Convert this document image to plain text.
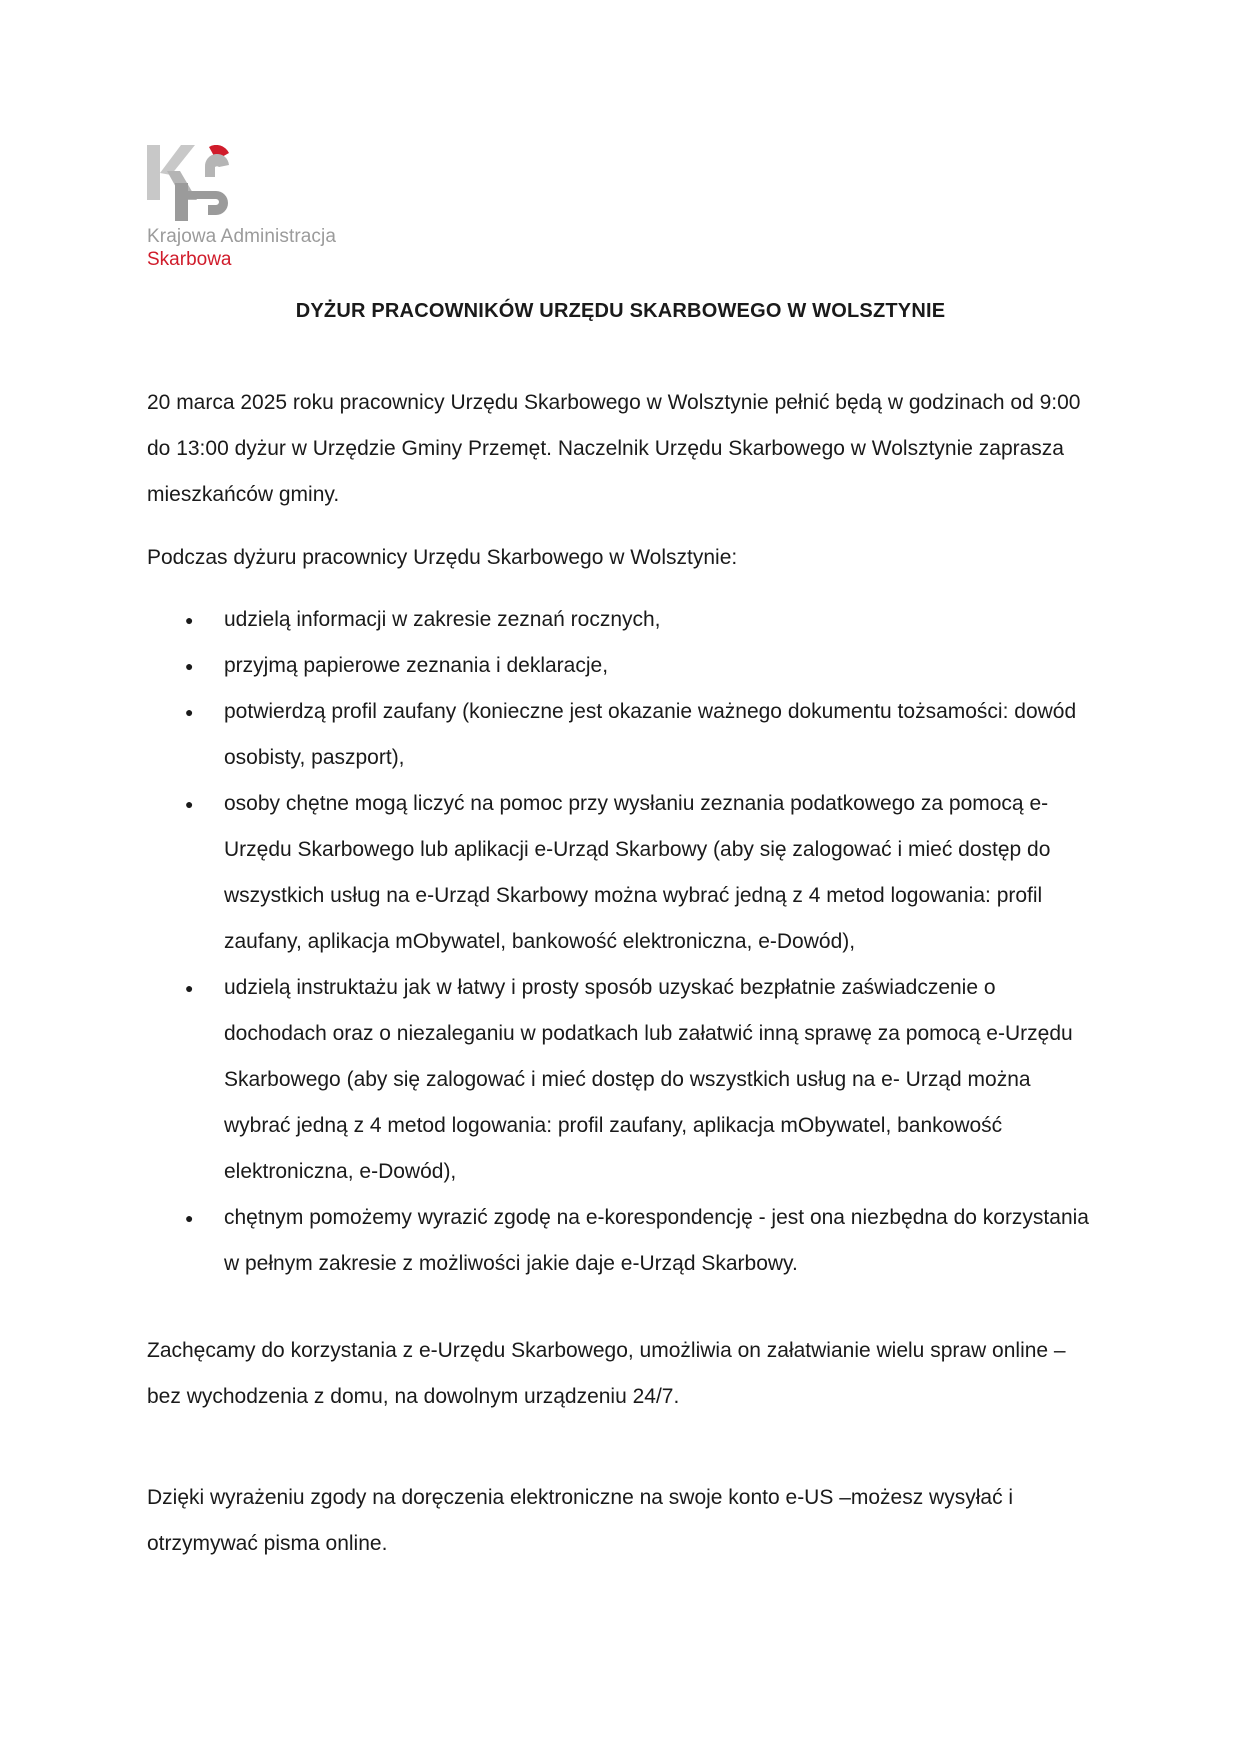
Krajowa Administracja
Skarbowa
DYŻUR PRACOWNIKÓW URZĘDU SKARBOWEGO W WOLSZTYNIE

20 marca 2025 roku pracownicy Urzędu Skarbowego w Wolsztynie pełnić będą w godzinach od 9:00 do 13:00 dyżur w Urzędzie Gminy Przemęt. Naczelnik Urzędu Skarbowego w Wolsztynie zaprasza mieszkańców gminy.

Podczas dyżuru pracownicy Urzędu Skarbowego w Wolsztynie:

● udzielą informacji w zakresie zeznań rocznych,
● przyjmą papierowe zeznania i deklaracje,
● potwierdzą profil zaufany (konieczne jest okazanie ważnego dokumentu tożsamości: dowód osobisty, paszport),
● osoby chętne mogą liczyć na pomoc przy wysłaniu zeznania podatkowego za pomocą e-Urzędu Skarbowego lub aplikacji e-Urząd Skarbowy (aby się zalogować i mieć dostęp do wszystkich usług na e-Urząd Skarbowy można wybrać jedną z 4 metod logowania: profil zaufany, aplikacja mObywatel, bankowość elektroniczna, e-Dowód),
● udzielą instruktażu jak w łatwy i prosty sposób uzyskać bezpłatnie zaświadczenie o dochodach oraz o niezaleganiu w podatkach lub załatwić inną sprawę za pomocą e-Urzędu Skarbowego (aby się zalogować i mieć dostęp do wszystkich usług na e- Urząd można wybrać jedną z 4 metod logowania: profil zaufany, aplikacja mObywatel, bankowość elektroniczna, e-Dowód),
● chętnym pomożemy wyrazić zgodę na e-korespondencję - jest ona niezbędna do korzystania w pełnym zakresie z możliwości jakie daje e-Urząd Skarbowy.

Zachęcamy do korzystania z e-Urzędu Skarbowego, umożliwia on załatwianie wielu spraw online – bez wychodzenia z domu, na dowolnym urządzeniu 24/7.

Dzięki wyrażeniu zgody na doręczenia elektroniczne na swoje konto e-US –możesz wysyłać i otrzymywać pisma online.
